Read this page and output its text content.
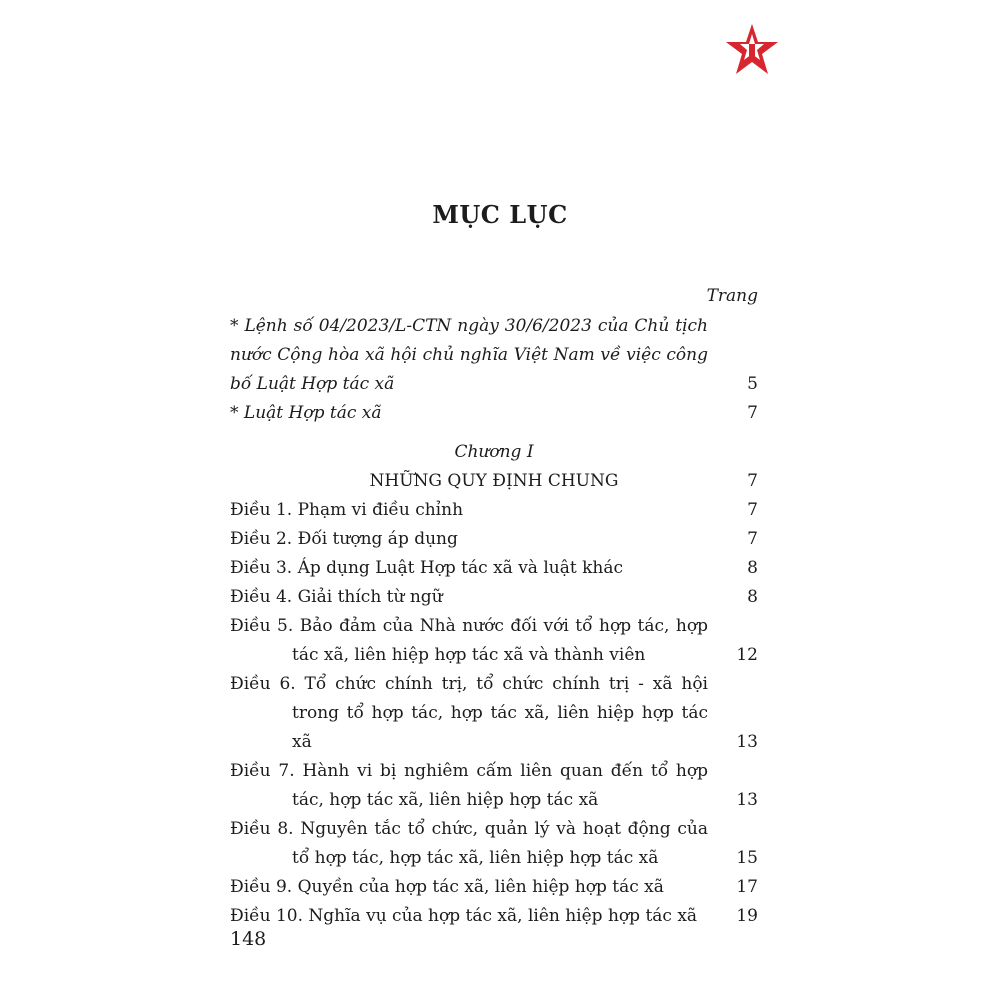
MỤC LỤC
Trang
* Lệnh số 04/2023/L-CTN ngày 30/6/2023 của Chủ tịch nước Cộng hòa xã hội chủ nghĩa Việt Nam về việc công bố Luật Hợp tác xã	5
* Luật Hợp tác xã	7
Chương I
NHỮNG QUY ĐỊNH CHUNG	7
Điều 1. Phạm vi điều chỉnh	7
Điều 2. Đối tượng áp dụng	7
Điều 3. Áp dụng Luật Hợp tác xã và luật khác	8
Điều 4. Giải thích từ ngữ	8
Điều 5. Bảo đảm của Nhà nước đối với tổ hợp tác, hợp tác xã, liên hiệp hợp tác xã và thành viên	12
Điều 6. Tổ chức chính trị, tổ chức chính trị - xã hội trong tổ hợp tác, hợp tác xã, liên hiệp hợp tác xã	13
Điều 7. Hành vi bị nghiêm cấm liên quan đến tổ hợp tác, hợp tác xã, liên hiệp hợp tác xã	13
Điều 8. Nguyên tắc tổ chức, quản lý và hoạt động của tổ hợp tác, hợp tác xã, liên hiệp hợp tác xã	15
Điều 9. Quyền của hợp tác xã, liên hiệp hợp tác xã	17
Điều 10. Nghĩa vụ của hợp tác xã, liên hiệp hợp tác xã	19
148
